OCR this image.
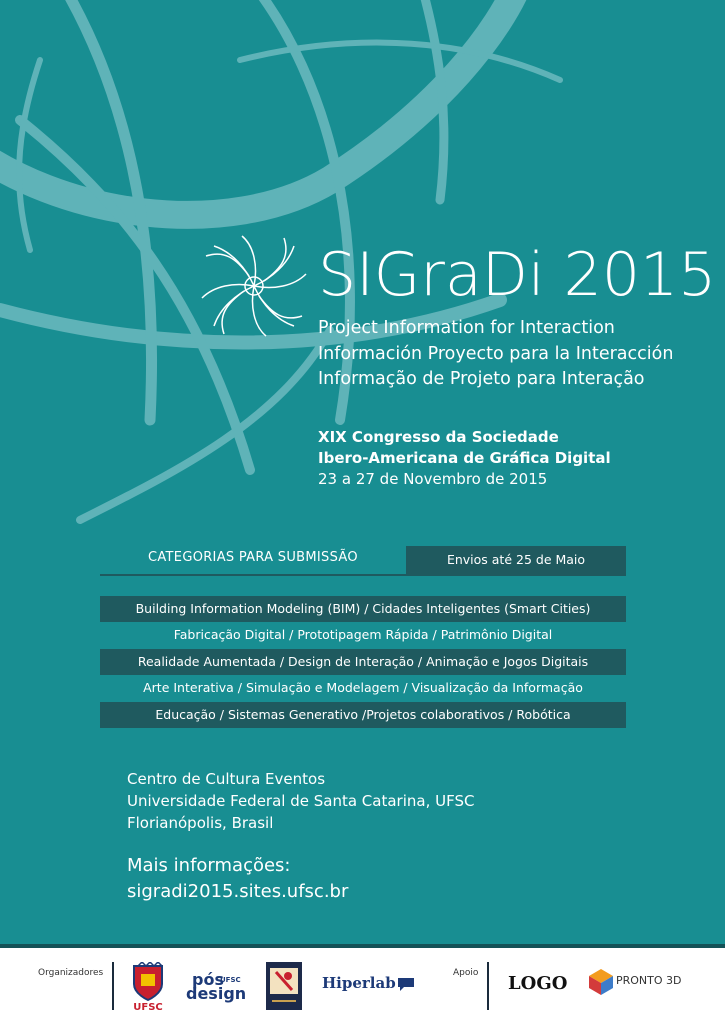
SIGraDi 2015
Project Information for Interaction
Información Proyecto para la Interacción
Informação de Projeto para Interação
XIX Congresso da Sociedade
Ibero-Americana de Gráfica Digital
23 a 27 de Novembro de 2015
CATEGORIAS PARA SUBMISSÃO	Envios até 25 de Maio
Building Information Modeling (BIM) / Cidades Inteligentes (Smart Cities)
Fabricação Digital / Prototipagem Rápida / Patrimônio Digital
Realidade Aumentada / Design de Interação / Animação e Jogos Digitais
Arte Interativa / Simulação e Modelagem / Visualização da Informação
Educação / Sistemas Generativo /Projetos colaborativos / Robótica
Centro de Cultura Eventos
Universidade Federal de Santa Catarina, UFSC
Florianópolis, Brasil
Mais informações:
sigradi2015.sites.ufsc.br
Organizadores
UFSC
pós
UFSC
design
Hiperlab
Apoio LOGO	PRONTO 3D
